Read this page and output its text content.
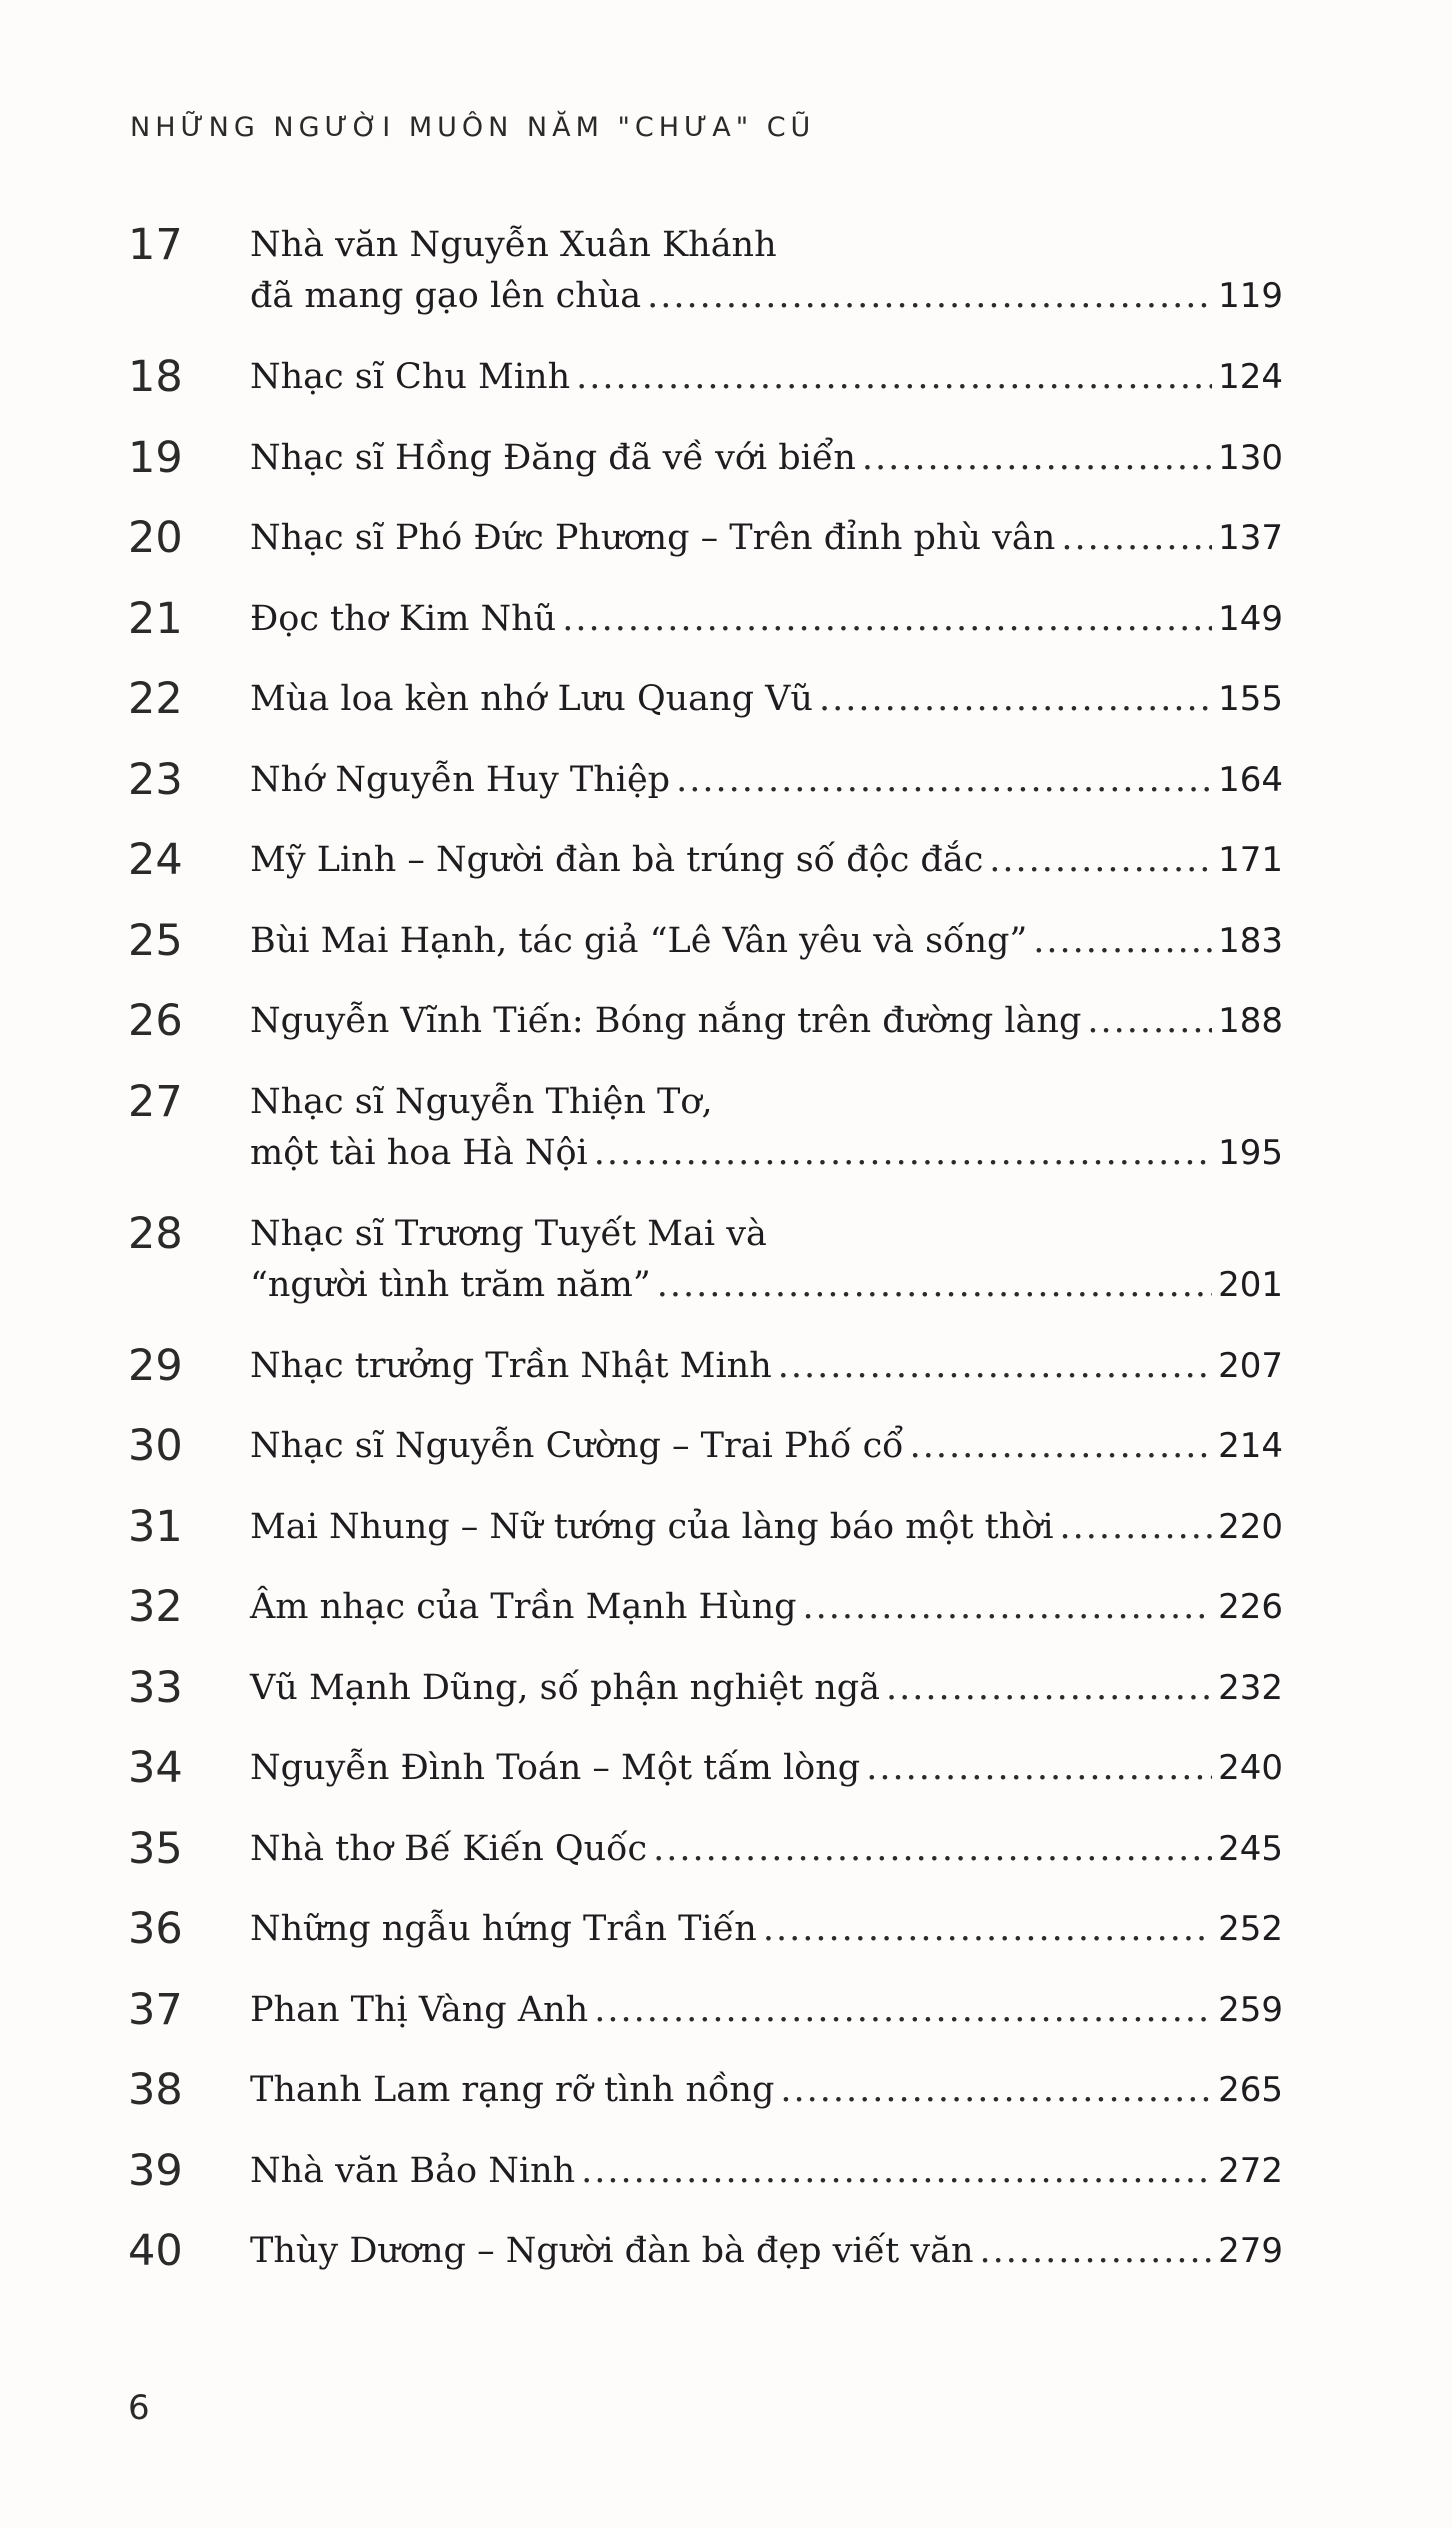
NHỮNG NGƯỜI MUÔN NĂM "CHƯA" CŨ
17 Nhà văn Nguyễn Xuân Khánh
đã mang gạo lên chùa .....	119
18 Nhạc sĩ Chu Minh .....	124
19 Nhạc sĩ Hồng Đăng đã về với biển .....	130
20 Nhạc sĩ Phó Đức Phương – Trên đỉnh phù vân .....	137
21 Đọc thơ Kim Nhũ .....	149
22 Mùa loa kèn nhớ Lưu Quang Vũ .....	155
23 Nhớ Nguyễn Huy Thiệp .....	164
24 Mỹ Linh – Người đàn bà trúng số độc đắc .....	171
25 Bùi Mai Hạnh, tác giả “Lê Vân yêu và sống” .....	183
26 Nguyễn Vĩnh Tiến: Bóng nắng trên đường làng .....	188
27 Nhạc sĩ Nguyễn Thiện Tơ,
một tài hoa Hà Nội .....	195
28 Nhạc sĩ Trương Tuyết Mai và
“người tình trăm năm” .....	201
29 Nhạc trưởng Trần Nhật Minh .....	207
30 Nhạc sĩ Nguyễn Cường – Trai Phố cổ .....	214
31 Mai Nhung – Nữ tướng của làng báo một thời .....	220
32 Âm nhạc của Trần Mạnh Hùng .....	226
33 Vũ Mạnh Dũng, số phận nghiệt ngã .....	232
34 Nguyễn Đình Toán – Một tấm lòng .....	240
35 Nhà thơ Bế Kiến Quốc .....	245
36 Những ngẫu hứng Trần Tiến .....	252
37 Phan Thị Vàng Anh .....	259
38 Thanh Lam rạng rỡ tình nồng .....	265
39 Nhà văn Bảo Ninh .....	272
40 Thùy Dương – Người đàn bà đẹp viết văn .....	279
6
